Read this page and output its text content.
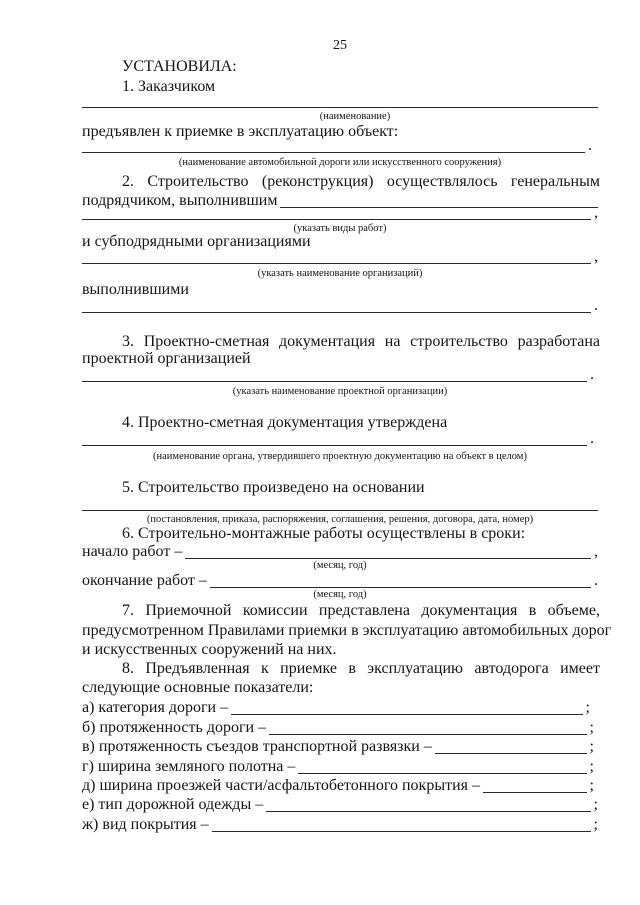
25
УСТАНОВИЛА:
1. Заказчиком
(наименование)
предъявлен к приемке в эксплуатацию объект:
.
(наименование автомобильной дороги или искусственного сооружения)
2. Строительство (реконструкция) осуществлялось генеральным
подрядчиком, выполнившим
,
(указать виды работ)
и субподрядными организациями
,
(указать наименование организаций)
выполнившими
.
3. Проектно-сметная документация на строительство разработана
проектной организацией
.
(указать наименование проектной организации)
4. Проектно-сметная документация утверждена
.
(наименование органа, утвердившего проектную документацию на объект в целом)
5. Строительство произведено на основании
(постановления, приказа, распоряжения, соглашения, решения, договора, дата, номер)
6. Строительно-монтажные работы осуществлены в сроки:
начало работ –	,
(месяц, год)
окончание работ –	.
(месяц, год)
7. Приемочной комиссии представлена документация в объеме,
предусмотренном Правилами приемки в эксплуатацию автомобильных дорог
и искусственных сооружений на них.
8. Предъявленная к приемке в эксплуатацию автодорога имеет
следующие основные показатели:
а) категория дороги –	;
б) протяженность дороги –	;
в) протяженность съездов транспортной развязки –	;
г) ширина земляного полотна –	;
д) ширина проезжей части/асфальтобетонного покрытия –	;
е) тип дорожной одежды –	;
ж) вид покрытия –	;
